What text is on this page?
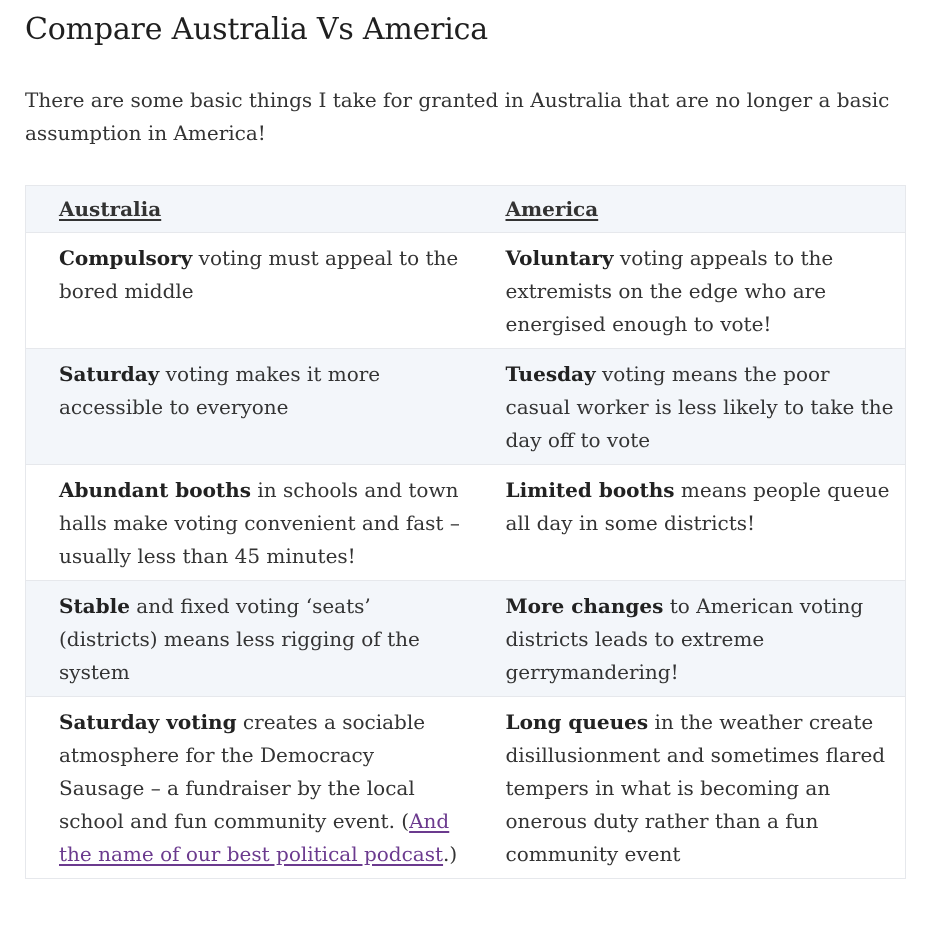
Compare Australia Vs America

There are some basic things I take for granted in Australia that are no longer a basic assumption in America!

Australia	America
Compulsory voting must appeal to the bored middle	Voluntary voting appeals to the extremists on the edge who are energised enough to vote!
Saturday voting makes it more accessible to everyone	Tuesday voting means the poor casual worker is less likely to take the day off to vote
Abundant booths in schools and town halls make voting convenient and fast – usually less than 45 minutes!	Limited booths means people queue all day in some districts!
Stable and fixed voting ‘seats’ (districts) means less rigging of the system	More changes to American voting districts leads to extreme gerrymandering!
Saturday voting creates a sociable atmosphere for the Democracy Sausage – a fundraiser by the local school and fun community event. (And the name of our best political podcast.)	Long queues in the weather create disillusionment and sometimes flared tempers in what is becoming an onerous duty rather than a fun community event
